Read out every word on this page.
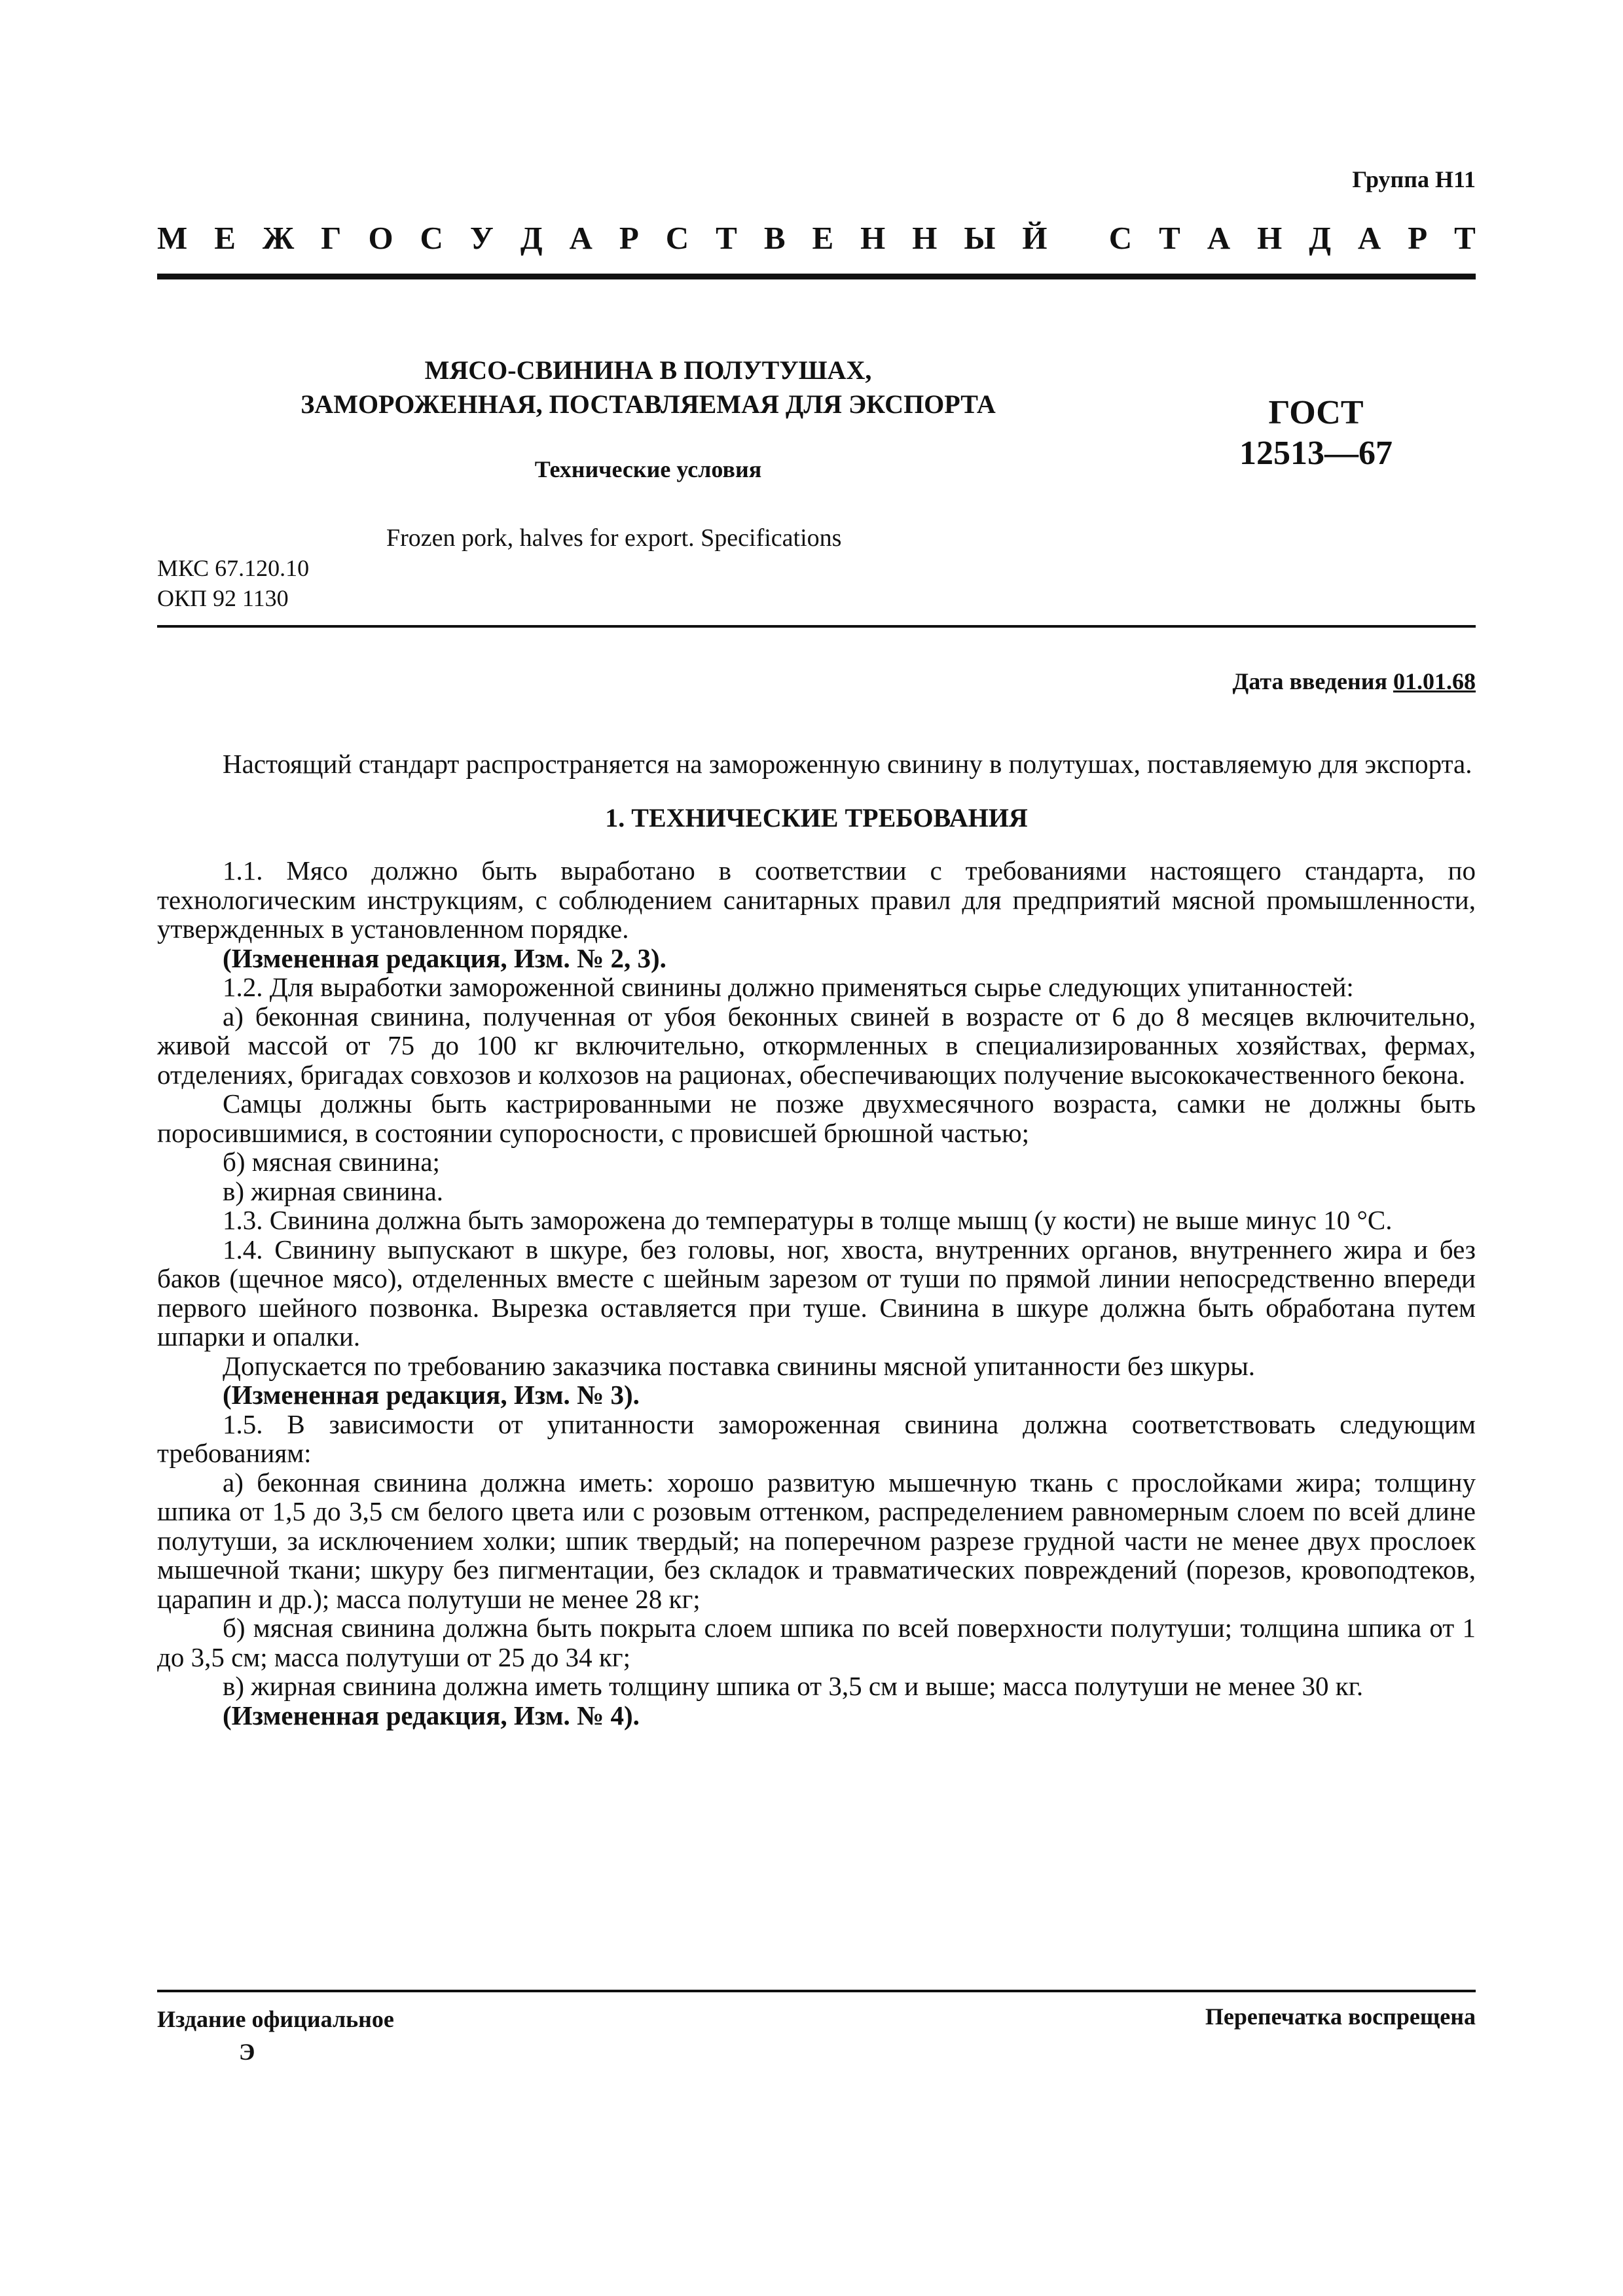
Группа Н11
М Е Ж Г О С У Д А Р С Т В Е Н Н Ы Й
С Т А Н Д А Р Т
МЯСО-СВИНИНА В ПОЛУТУШАХ,
ЗАМОРОЖЕННАЯ, ПОСТАВЛЯЕМАЯ ДЛЯ ЭКСПОРТА
Технические условия
ГОСТ
12513—67
Frozen pork, halves for export. Specifications
МКС 67.120.10
ОКП 92 1130
Дата введения 01.01.68

Настоящий стандарт распространяется на замороженную свинину в полутушах, поставляемую для экспорта.

1. ТЕХНИЧЕСКИЕ ТРЕБОВАНИЯ

1.1. Мясо должно быть выработано в соответствии с требованиями настоящего стандарта, по технологическим инструкциям, с соблюдением санитарных правил для предприятий мясной промышленности, утвержденных в установленном порядке.

(Измененная редакция, Изм. № 2, 3).

1.2. Для выработки замороженной свинины должно применяться сырье следующих упитанностей:

а) беконная свинина, полученная от убоя беконных свиней в возрасте от 6 до 8 месяцев включительно, живой массой от 75 до 100 кг включительно, откормленных в специализированных хозяйствах, фермах, отделениях, бригадах совхозов и колхозов на рационах, обеспечивающих получение высококачественного бекона.

Самцы должны быть кастрированными не позже двухмесячного возраста, самки не должны быть поросившимися, в состоянии супоросности, с провисшей брюшной частью;

б) мясная свинина;

в) жирная свинина.

1.3. Свинина должна быть заморожена до температуры в толще мышц (у кости) не выше минус 10 °С.

1.4. Свинину выпускают в шкуре, без головы, ног, хвоста, внутренних органов, внутреннего жира и без баков (щечное мясо), отделенных вместе с шейным зарезом от туши по прямой линии непосредственно впереди первого шейного позвонка. Вырезка оставляется при туше. Свинина в шкуре должна быть обработана путем шпарки и опалки.

Допускается по требованию заказчика поставка свинины мясной упитанности без шкуры.

(Измененная редакция, Изм. № 3).

1.5. В зависимости от упитанности замороженная свинина должна соответствовать следующим требованиям:

а) беконная свинина должна иметь: хорошо развитую мышечную ткань с прослойками жира; толщину шпика от 1,5 до 3,5 см белого цвета или с розовым оттенком, распределением равномерным слоем по всей длине полутуши, за исключением холки; шпик твердый; на поперечном разрезе грудной части не менее двух прослоек мышечной ткани; шкуру без пигментации, без складок и травматических повреждений (порезов, кровоподтеков, царапин и др.); масса полутуши не менее 28 кг;

б) мясная свинина должна быть покрыта слоем шпика по всей поверхности полутуши; толщина шпика от 1 до 3,5 см; масса полутуши от 25 до 34 кг;

в) жирная свинина должна иметь толщину шпика от 3,5 см и выше; масса полутуши не менее 30 кг.

(Измененная редакция, Изм. № 4).

Издание официальное
Э
Перепечатка воспрещена
